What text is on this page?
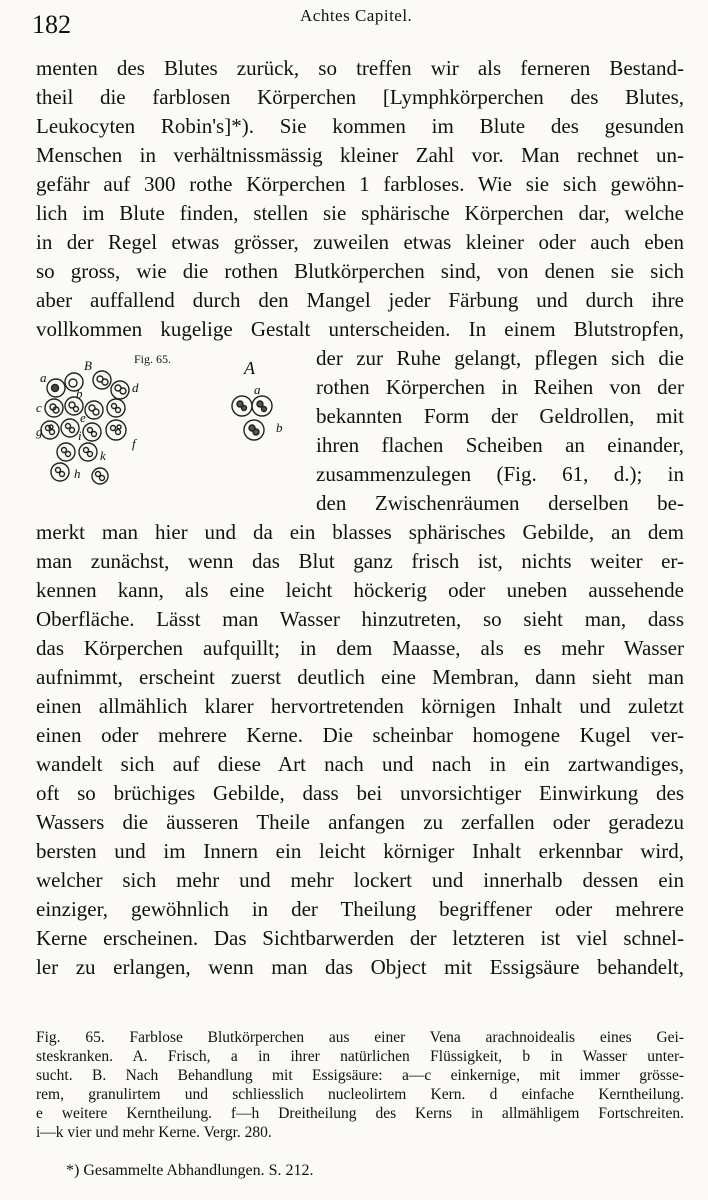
182	Achtes Capitel.
menten des Blutes zurück, so treffen wir als ferneren Bestand-
theil die farblosen Körperchen [Lymphkörperchen des Blutes,
Leukocyten Robin's]*). Sie kommen im Blute des gesunden
Menschen in verhältnissmässig kleiner Zahl vor. Man rechnet un-
gefähr auf 300 rothe Körperchen 1 farbloses. Wie sie sich gewöhn-
lich im Blute finden, stellen sie sphärische Körperchen dar, welche
in der Regel etwas grösser, zuweilen etwas kleiner oder auch eben
so gross, wie die rothen Blutkörperchen sind, von denen sie sich
aber auffallend durch den Mangel jeder Färbung und durch ihre
vollkommen kugelige Gestalt unterscheiden. In einem Blutstropfen,
der zur Ruhe gelangt, pflegen sich die
rothen Körperchen in Reihen von der
bekannten Form der Geldrollen, mit
ihren flachen Scheiben an einander,
zusammenzulegen (Fig. 61, d.); in
den Zwischenräumen derselben be-
Fig. 65.
B	A
a
b
c
d
e
f
g
h
i
k
b
a
merkt man hier und da ein blasses sphärisches Gebilde, an dem
man zunächst, wenn das Blut ganz frisch ist, nichts weiter er-
kennen kann, als eine leicht höckerig oder uneben aussehende
Oberfläche. Lässt man Wasser hinzutreten, so sieht man, dass
das Körperchen aufquillt; in dem Maasse, als es mehr Wasser
aufnimmt, erscheint zuerst deutlich eine Membran, dann sieht man
einen allmählich klarer hervortretenden körnigen Inhalt und zuletzt
einen oder mehrere Kerne. Die scheinbar homogene Kugel ver-
wandelt sich auf diese Art nach und nach in ein zartwandiges,
oft so brüchiges Gebilde, dass bei unvorsichtiger Einwirkung des
Wassers die äusseren Theile anfangen zu zerfallen oder geradezu
bersten und im Innern ein leicht körniger Inhalt erkennbar wird,
welcher sich mehr und mehr lockert und innerhalb dessen ein
einziger, gewöhnlich in der Theilung begriffener oder mehrere
Kerne erscheinen. Das Sichtbarwerden der letzteren ist viel schnel-
ler zu erlangen, wenn man das Object mit Essigsäure behandelt,
Fig. 65. Farblose Blutkörperchen aus einer Vena arachnoidealis eines Gei-
steskranken. A. Frisch, a in ihrer natürlichen Flüssigkeit, b in Wasser unter-
sucht. B. Nach Behandlung mit Essigsäure: a—c einkernige, mit immer grösse-
rem, granulirtem und schliesslich nucleolirtem Kern. d einfache Kerntheilung.
e weitere Kerntheilung. f—h Dreitheilung des Kerns in allmähligem Fortschreiten.
i—k vier und mehr Kerne. Vergr. 280.
*) Gesammelte Abhandlungen. S. 212.
